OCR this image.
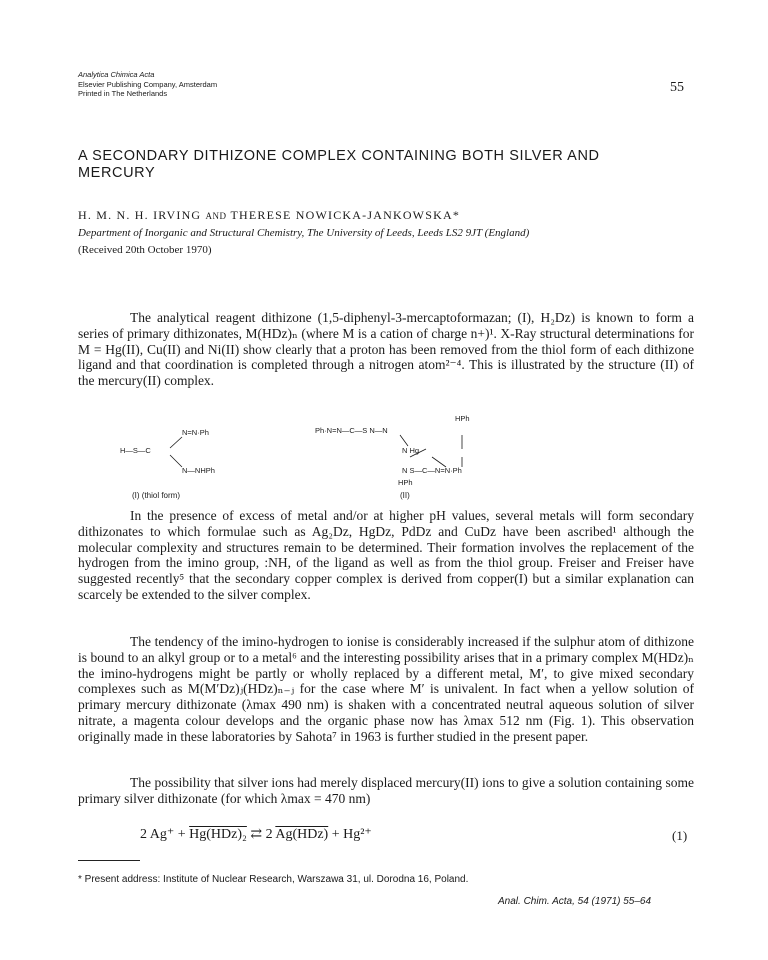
Analytica Chimica Acta
Elsevier Publishing Company, Amsterdam
Printed in The Netherlands	55
A SECONDARY DITHIZONE COMPLEX CONTAINING BOTH SILVER AND MERCURY
H. M. N. H. IRVING AND THERESE NOWICKA-JANKOWSKA*
Department of Inorganic and Structural Chemistry, The University of Leeds, Leeds LS2 9JT (England)
(Received 20th October 1970)
The analytical reagent dithizone (1,5-diphenyl-3-mercaptoformazan; (I), H₂Dz) is known to form a series of primary dithizonates, M(HDz)ₙ (where M is a cation of charge n+)¹. X-Ray structural determinations for M = Hg(II), Cu(II) and Ni(II) show clearly that a proton has been removed from the thiol form of each dithizone ligand and that coordination is completed through a nitrogen atom²⁻⁴. This is illustrated by the structure (II) of the mercury(II) complex.
N=N·Ph
H—S—C
N—NHPh
HPh
Ph·N=N—C—S N—N
N Hg
N S—C—N=N·Ph
HPh
(I) (thiol form)	(II)
In the presence of excess of metal and/or at higher pH values, several metals will form secondary dithizonates to which formulae such as Ag₂Dz, HgDz, PdDz and CuDz have been ascribed¹ although the molecular complexity and structures remain to be determined. Their formation involves the replacement of the hydrogen from the imino group, :NH, of the ligand as well as from the thiol group. Freiser and Freiser have suggested recently⁵ that the secondary copper complex is derived from copper(I) but a similar explanation can scarcely be extended to the silver complex.
The tendency of the imino-hydrogen to ionise is considerably increased if the sulphur atom of dithizone is bound to an alkyl group or to a metal⁶ and the interesting possibility arises that in a primary complex M(HDz)ₙ the imino-hydrogens might be partly or wholly replaced by a different metal, M′, to give mixed secondary complexes such as M(M′Dz)ⱼ(HDz)ₙ₋ⱼ for the case where M′ is univalent. In fact when a yellow solution of primary mercury dithizonate (λmax 490 nm) is shaken with a concentrated neutral aqueous solution of silver nitrate, a magenta colour develops and the organic phase now has λmax 512 nm (Fig. 1). This observation originally made in these laboratories by Sahota⁷ in 1963 is further studied in the present paper.
The possibility that silver ions had merely displaced mercury(II) ions to give a solution containing some primary silver dithizonate (for which λmax = 470 nm)
2 Ag⁺ + Hg(HDz)₂ ⇄ 2 Ag(HDz) + Hg²⁺	(1)
* Present address: Institute of Nuclear Research, Warszawa 31, ul. Dorodna 16, Poland.
Anal. Chim. Acta, 54 (1971) 55–64
